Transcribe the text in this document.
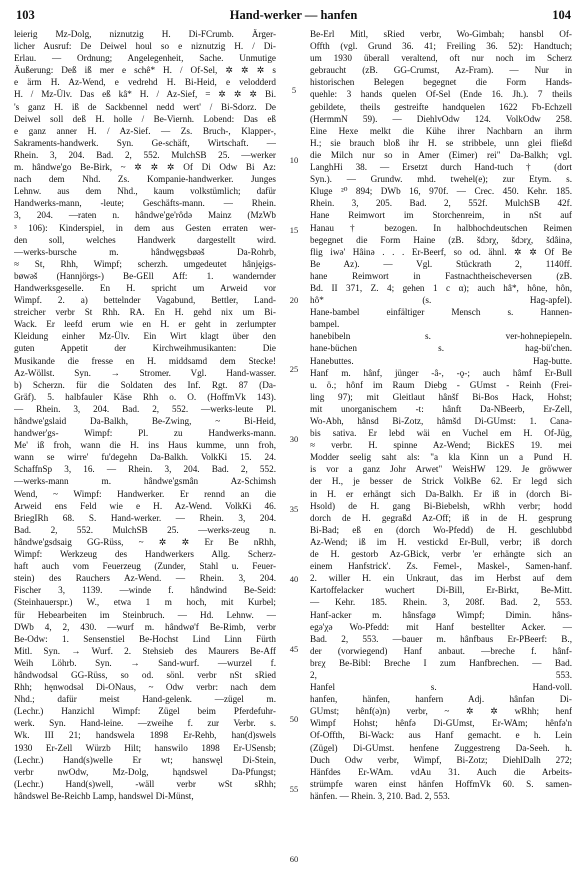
103	Hand-werker — hanfen	104
leierig Mz-Dolg, niznutzig H. Di-FCrumb. Ärger-
licher Ausruf: De Deiwel houl so e niznutzig H. / Di-
Erlau. — Ordnung; Angelegenheit, Sache. Unmutige
Äußerung: Deß iß mer e schê* H. / Of-Sel, ✲ ✲ ✲ s
e ärm H. Az-Wend, e vedrehd H. Bi-Heid, e velodderd
H. / Mz-Ülv. Das eß kâ* H. / Az-Sief, = ✲ ✲ ✲ Bi.
's ganz H. iß de Sackbennel nedd wert' / Bi-Sdorz. De
Deiwel soll deß H. holle / Be-Viernh. Lobend: Das eß
e ganz anner H. / Az-Sief. — Zs. Bruch-, Klapper-,
Sakraments-handwerk. Syn. Ge-schäft, Wirtschaft. —
Rhein. 3, 204. Bad. 2, 552. MulchSB 25. —werker
m. hândwe'go Be-Birk, ~ ✲ ✲ ✲ Of Di Odw Bi Az:
nach dem Nhd. Zs. Kompanie-handwerker. Junges
Lehnw. aus dem Nhd., kaum volkstümlich; dafür
Handwerks-mann, -leute; Geschäfts-mann. — Rhein.
3, 204. —raten n. hândwe'ge'rôdə Mainz (MzWb
³ 106): Kinderspiel, in dem aus Gesten erraten wer-
den soll, welches Handwerk dargestellt wird.
—werks-bursche m. hândwęgsbøəš Da-Rohrb,
≈ St, Rhh, Wimpf; scherzh. umgedeutet hânjęigs-
bøwəš (Hannjörgs-) Be-GEll Aff: 1. wandernder
Handwerksgeselle. En H. spricht um Arweid vor
Wimpf. 2. a) bettelnder Vagabund, Bettler, Land-
streicher verbr St Rhh. RA. En H. gehd nix um Bi-
Wack. Er leefd erum wie en H. er geht in zerlumpter
Kleidung einher Mz-Ülv. Ein Wirt klagt über den
guten Appetit der Kirchweihmusikanten: Die
Musikande die fresse en H. middsamd dem Stecke!
Az-Wöllst. Syn. → Stromer. Vgl. Hand-wasser.
b) Scherzn. für die Soldaten des Inf. Rgt. 87 (Da-
Gräf). 5. halbfauler Käse Rhh o. O. (HoffmVk 143).
— Rhein. 3, 204. Bad. 2, 552. —werks-leute Pl.
hândwe'gslaid Da-Balkh, Be-Zwing, ~ Bi-Heid,
handwer'gs- Wimpf: Pl. zu Handwerks-mann.
Me' iß froh, wann die H. ins Haus kumme, unn froh,
wann se wirre' fu'degehn Da-Balkh. VolkKi 15. 24.
SchaffnSp 3, 16. — Rhein. 3, 204. Bad. 2, 552.
—werks-mann m. hândwe'gsmân Az-Schimsh
Wend, ~ Wimpf: Handwerker. Er rennd an die
Arweid ens Feld wie e H. Az-Wend. VolkKi 46.
BriegIRh 68. S. Hand-werker. — Rhein. 3, 204.
Bad. 2, 552. MulchSB 25. —werks-zeug n.
hândwe'gsdsaig GG-Rüss, ~ ✲ ✲ Er Be nRhh,
Wimpf: Werkzeug des Handwerkers Allg. Scherz-
haft auch vom Feuerzeug (Zunder, Stahl u. Feuer-
stein) des Rauchers Az-Wend. — Rhein. 3, 204.
Fischer 3, 1139. —winde f. hândwind Be-Seid:
(Steinhauerspr.) W., etwa 1 m hoch, mit Kurbel;
für Hebearbeiten im Steinbruch. — Hd. Lehnw. —
DWb 4, 2, 430. —wurf m. hândwø'f Be-Rimb, verbr
Be-Odw: 1. Sensenstiel Be-Hochst Lind Linn Fürth
Mitl. Syn. → Wurf. 2. Stehsieb des Maurers Be-Aff
Weih Löhrb. Syn. → Sand-wurf. —wurzel f.
hândwodsəl GG-Rüss, so od. sönl. verbr nSt sRied
Rhh; hęnwodsəl Di-ONaus, ~ Odw verbr: nach dem
Nhd.; dafür meist Hand-gelenk. —zügel m.
(Lechr.) Hanzichl Wimpf: Zügel beim Pferdefuhr-
werk. Syn. Hand-leine. —zweihe f. zur Verbr. s.
Wk. III 21; handswela 1898 Er-Rehb, han(d)swels
1930 Er-Zell Würzb Hilt; hanswilo 1898 Er-USensb;
(Lechr.) Hand(s)welle Er wt; hanswęl Di-Stein,
verbr nwOdw, Mz-Dolg, hąndswel Da-Pfungst;
(Lechr.) Hand(s)well, -wäll verbr wSt sRhh;
hândswel Be-Reichb Lamp, handswel Di-Münst,
5
10
15
20
25
30
35
40
45
50
55
60
Be-Erl Mitl, sRied verbr, Wo-Gimbah; hansbl Of-
Offth (vgl. Grund 36. 41; Freiling 36. 52): Handtuch;
um 1930 überall veraltend, oft nur noch im Scherz
gebraucht (zB. GG-Crumst, Az-Fram). — Nur in
historischen Belegen begegnet die Form Hands-
quehle: 3 hands quelen Of-Sel (Ende 16. Jh.). 7 theils
gebildete, theils gestreifte handquelen 1622 Fb-Echzell
(HermmN 59). — DiehlvOdw 124. VolkOdw 258.
Eine Hexe melkt die Kühe ihrer Nachbarn an ihrm
H.; sie brauch bloß ihr H. se stribbele, unn glei fließd
die Milch nur so in Amer (Eimer) rei" Da-Balkh; vgl.
LanghHi 38. — Ersetzt durch Hand-tuch † (dort
Syn.). — Grundw. mhd. twehel(e); zur Etym. s.
Kluge ²⁰ 894; DWb 16, 970f. — Crec. 450. Kehr. 185.
Rhein. 3, 205. Bad. 2, 552f. MulchSB 42f.
Hane Reimwort im Storchenreim, in nSt auf
Hanau † bezogen. In halbhochdeutschen Reimen
begegnet die Form Haine (zB. šdɔrχ, šdɔrχ, šdâinə,
flig iwə' Hâinə . . . Er-Beerf, so od. ähnl. ✲ ✲ Of Be
Be Az). — Vgl. Stückrath 2, 1140ff.
hane Reimwort in Fastnachtheischeversen (zB.
Bd. II 371, Z. 4; gehen 1 c α); auch hâ*, hône, hôn,
hô* (s. Hag-apfel).
Hane-bambel einfältiger Mensch s. Hannen-
bampel.
hanebibeln s. ver-hohnepiepeln.
hane-büchen s. hag-bü'chen.
Hanebuttes. Hag-butte.
Hanf m. hânf, jünger -â-, -ǫ-; auch hâmf Er-Bull
u. ö.; hônf im Raum Diebg - GUmst - Reinh (Frei-
ling 97); mit Gleitlaut hânšf Bi-Bos Hack, Hohst;
mit unorganischem -t: hânft Da-NBeerb, Er-Zell,
Wo-Abh, hânsd Bi-Zotz, hâmšd Di-GUmst: 1. Cana-
bis sativa. Er lebd wäi en Vuchel em H. Of-Jüg,
≈ verbr. H. spinne Az-Wend; BickES 19. mei
Modder seelig saht als: "a kla Kinn un a Pund H.
is vor a ganz Johr Arwet" WeisHW 129. Je gröwwer
der H., je besser de Strick VolkBe 62. Er legd sich
in H. er erhängt sich Da-Balkh. Er iß in (dorch Bi-
Hsold) de H. gang Bi-Biebelsh, wRhh verbr; hodd
dorch de H. gegraßd Az-Off; iß in de H. gesprung
Bi-Bad; eß en (dorch Wo-Pfedd) de H. geschlubbd
Az-Wend; iß im H. vestickd Er-Bull, verbr; iß dorch
de H. gestorb Az-GBick, verbr 'er erhängte sich an
einem Hanfstrick'. Zs. Femel-, Maskel-, Samen-hanf.
2. willer H. ein Unkraut, das im Herbst auf dem
Kartoffelacker wuchert Di-Bill, Er-Birkt, Be-Mitt.
— Kehr. 185. Rhein. 3, 208f. Bad. 2, 553.
Hanf-acker m. hânsfagø Wimpf; Dimin. hâns-
egə'χə Wo-Pfedd: mit Hanf bestellter Acker. —
Bad. 2, 553. —bauer m. hânfbaus Er-PBeerf: B.,
der (vorwiegend) Hanf anbaut. —breche f. hânf-
brεχ Be-Bibl: Breche I zum Hanfbrechen. — Bad.
2, 553.
Hanfel s. Hand-voll.
hanfen, hänfen, hanfern Adj. hânfən Di-
GUmst; hênf(ə)n) verbr, ~ ✲ ✲ wRhh; henf
Wimpf Hohst; hênfə Di-GUmst, Er-WAm; hênfə'n
Of-Offth, Bi-Wack: aus Hanf gemacht. e h. Lein
(Zügel) Di-GUmst. henfene Zuggestreng Da-Seeh. h.
Duch Odw verbr, Wimpf, Bi-Zotz; DiehlDalh 272;
Hänfdes Er-WAm. vdAu 31. Auch die Arbeits-
strümpfe waren einst hänfen HoffmVk 60. S. samen-
hänfen. — Rhein. 3, 210. Bad. 2, 553.
